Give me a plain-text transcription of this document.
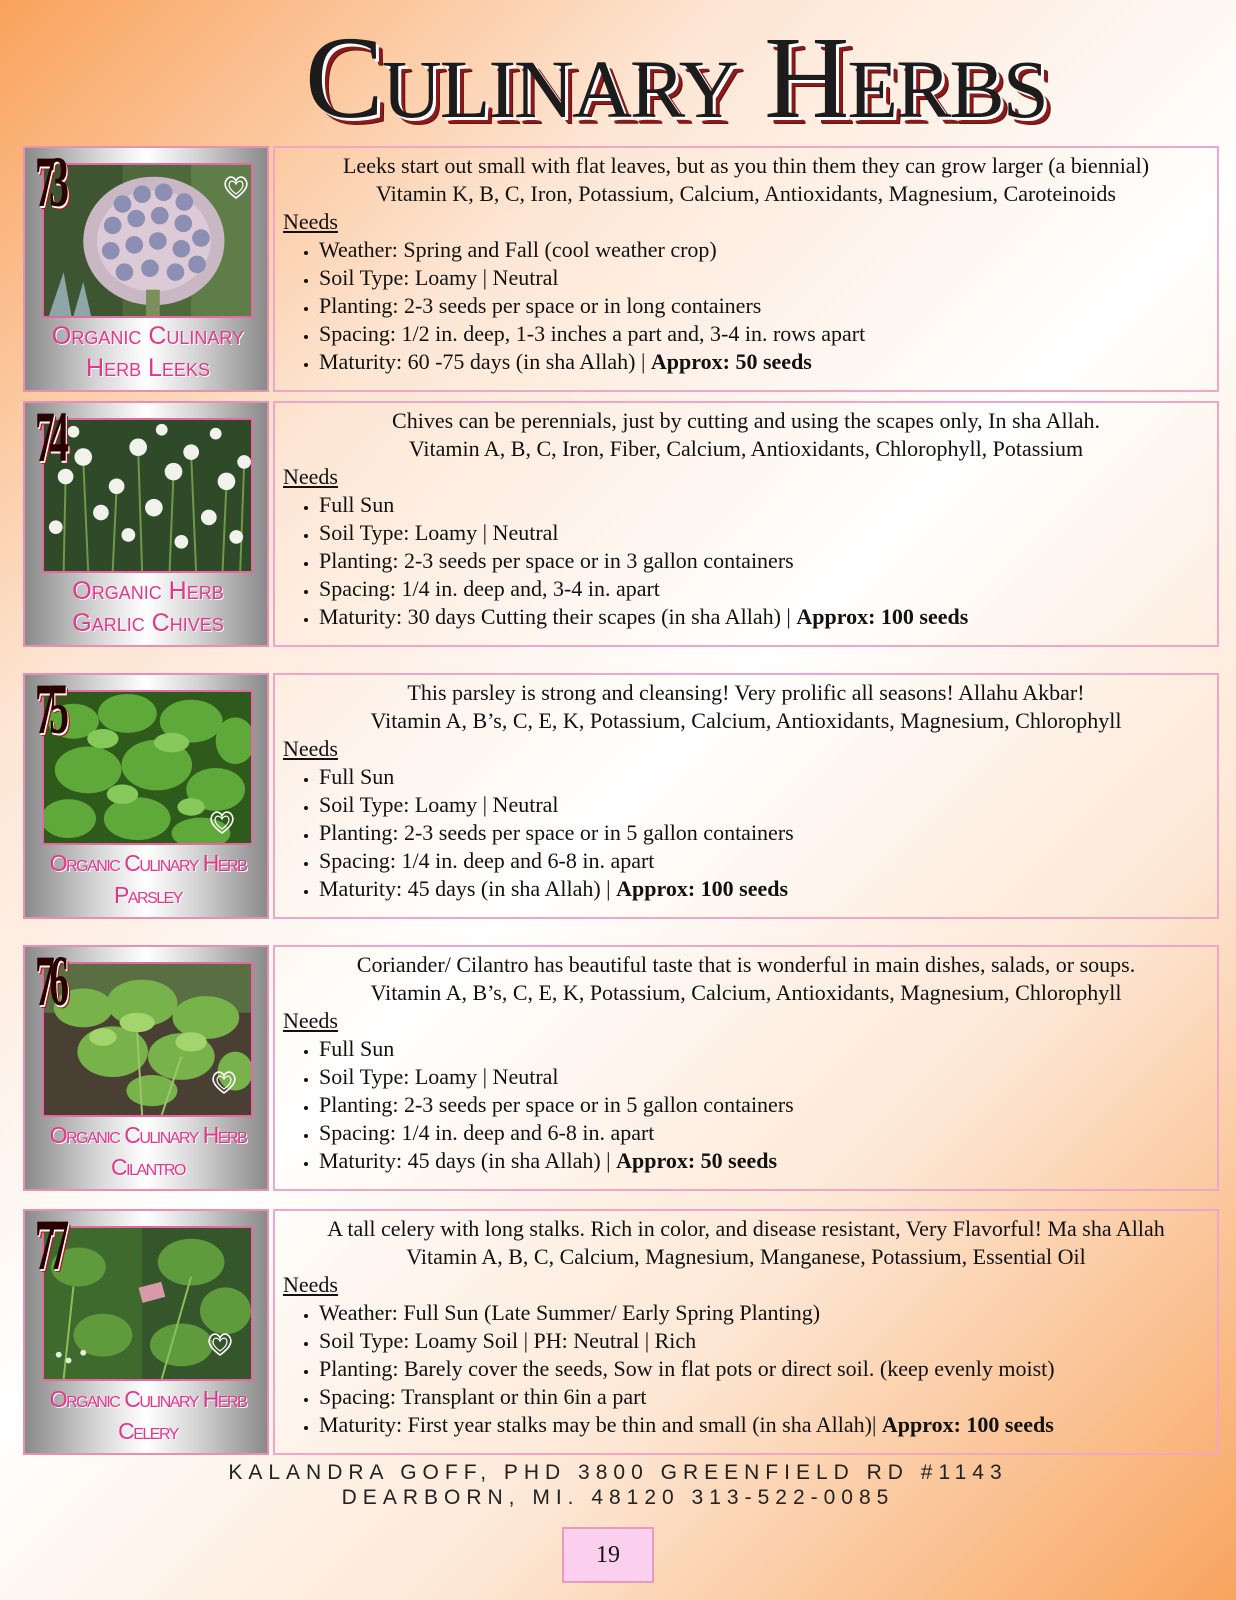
Culinary Herbs
73
Organic Culinary
Herb Leeks
Leeks start out small with flat leaves, but as you thin them they can grow larger (a biennial)
Vitamin K, B, C, Iron, Potassium, Calcium, Antioxidants, Magnesium, Caroteinoids
Needs
• Weather: Spring and Fall (cool weather crop)
• Soil Type: Loamy | Neutral
• Planting: 2-3 seeds per space or in long containers
• Spacing: 1/2 in. deep, 1-3 inches a part and, 3-4 in. rows apart
• Maturity: 60 -75 days (in sha Allah) | Approx: 50 seeds
74
Organic Herb
Garlic Chives
Chives can be perennials, just by cutting and using the scapes only, In sha Allah.
Vitamin A, B, C, Iron, Fiber, Calcium, Antioxidants, Chlorophyll, Potassium
Needs
• Full Sun
• Soil Type: Loamy | Neutral
• Planting: 2-3 seeds per space or in 3 gallon containers
• Spacing: 1/4 in. deep and, 3-4 in. apart
• Maturity: 30 days Cutting their scapes (in sha Allah) | Approx: 100 seeds
75
Organic Culinary Herb
Parsley
This parsley is strong and cleansing! Very prolific all seasons! Allahu Akbar!
Vitamin A, B’s, C, E, K, Potassium, Calcium, Antioxidants, Magnesium, Chlorophyll
Needs
• Full Sun
• Soil Type: Loamy | Neutral
• Planting: 2-3 seeds per space or in 5 gallon containers
• Spacing: 1/4 in. deep and 6-8 in. apart
• Maturity: 45 days (in sha Allah) | Approx: 100 seeds
76
Organic Culinary Herb
Cilantro
Coriander/ Cilantro has beautiful taste that is wonderful in main dishes, salads, or soups.
Vitamin A, B’s, C, E, K, Potassium, Calcium, Antioxidants, Magnesium, Chlorophyll
Needs
• Full Sun
• Soil Type: Loamy | Neutral
• Planting: 2-3 seeds per space or in 5 gallon containers
• Spacing: 1/4 in. deep and 6-8 in. apart
• Maturity: 45 days (in sha Allah) | Approx: 50 seeds
77
Organic Culinary Herb
Celery
A tall celery with long stalks. Rich in color, and disease resistant, Very Flavorful! Ma sha Allah
Vitamin A, B, C, Calcium, Magnesium, Manganese, Potassium, Essential Oil
Needs
• Weather: Full Sun (Late Summer/ Early Spring Planting)
• Soil Type: Loamy Soil | PH: Neutral | Rich
• Planting: Barely cover the seeds, Sow in flat pots or direct soil. (keep evenly moist)
• Spacing: Transplant or thin 6in a part
• Maturity: First year stalks may be thin and small (in sha Allah)| Approx: 100 seeds
KALANDRA GOFF, PHD 3800 GREENFIELD RD #1143
DEARBORN, MI. 48120 313-522-0085
19
